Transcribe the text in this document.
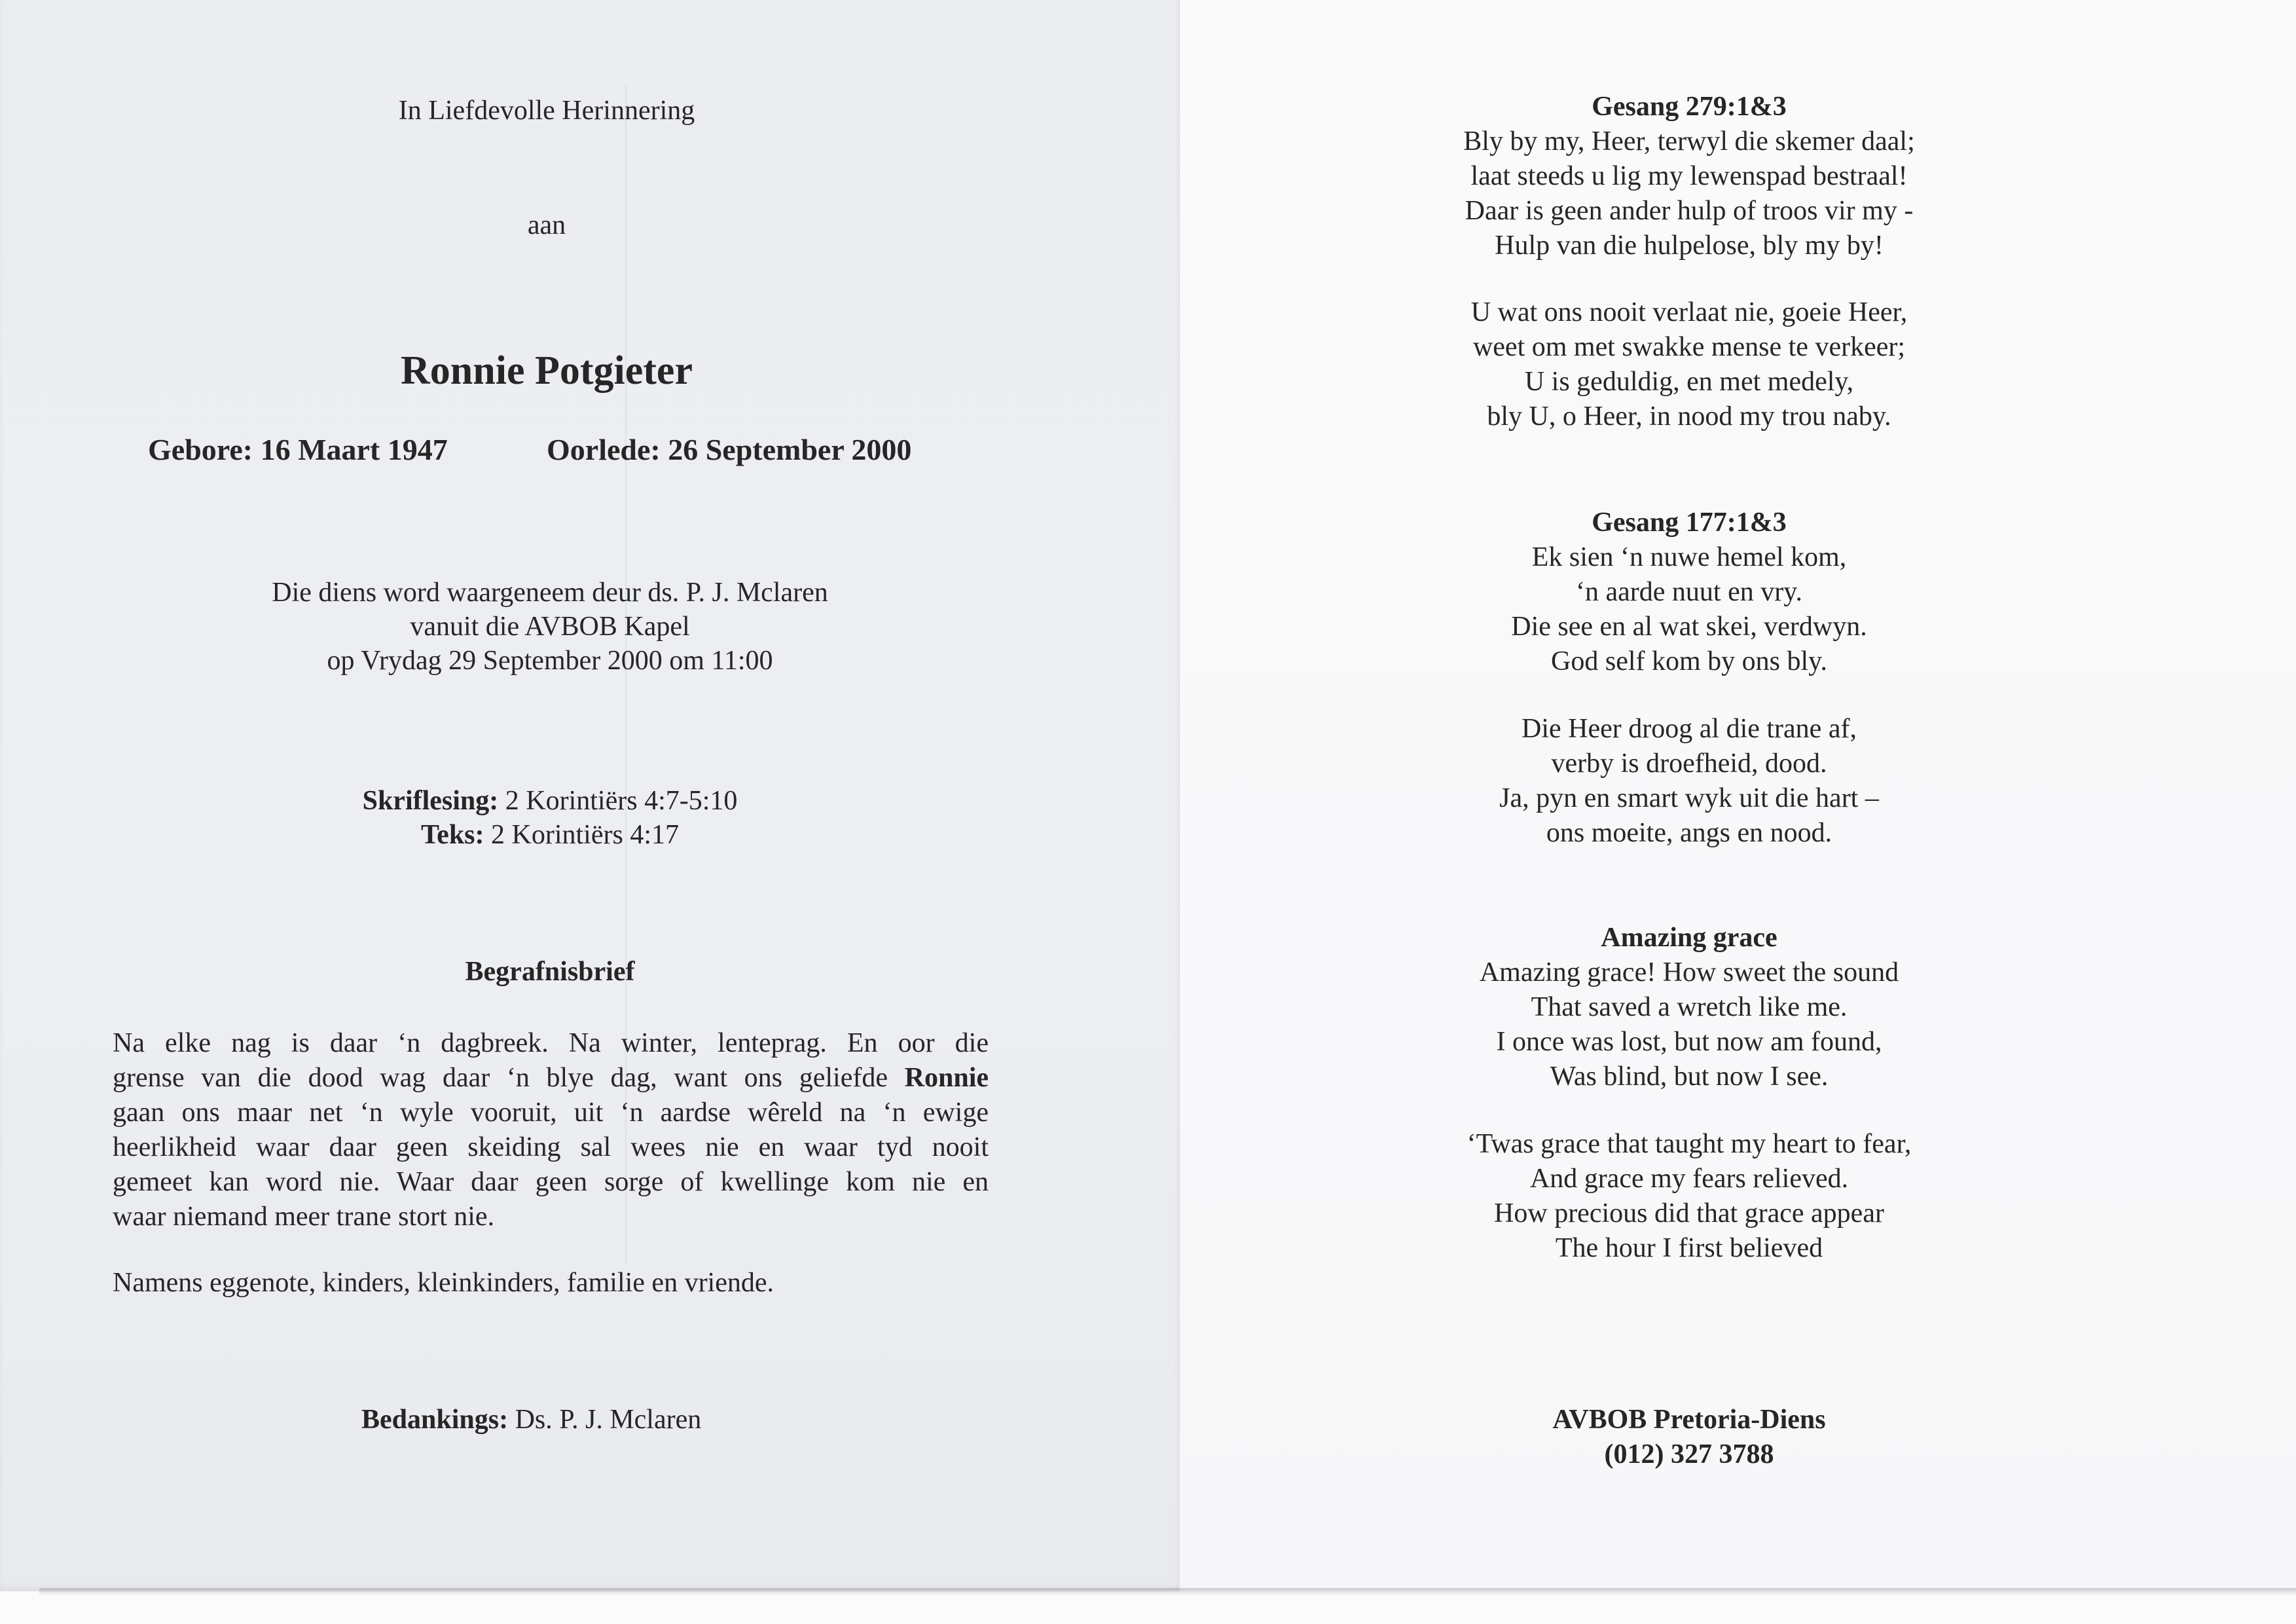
In Liefdevolle Herinnering
aan
Ronnie Potgieter
Gebore: 16 Maart 1947	Oorlede: 26 September 2000
Die diens word waargeneem deur ds. P. J. Mclaren
vanuit die AVBOB Kapel
op Vrydag 29 September 2000 om 11:00
Skriflesing: 2 Korintiërs 4:7-5:10
Teks: 2 Korintiërs 4:17
Begrafnisbrief
Na elke nag is daar ‘n dagbreek. Na winter, lenteprag. En oor die
grense van die dood wag daar ‘n blye dag, want ons geliefde Ronnie
gaan ons maar net ‘n wyle vooruit, uit ‘n aardse wêreld na ‘n ewige
heerlikheid waar daar geen skeiding sal wees nie en waar tyd nooit
gemeet kan word nie. Waar daar geen sorge of kwellinge kom nie en
waar niemand meer trane stort nie.
Namens eggenote, kinders, kleinkinders, familie en vriende.
Bedankings: Ds. P. J. Mclaren
Gesang 279:1&3
Bly by my, Heer, terwyl die skemer daal;
laat steeds u lig my lewenspad bestraal!
Daar is geen ander hulp of troos vir my -
Hulp van die hulpelose, bly my by!
U wat ons nooit verlaat nie, goeie Heer,
weet om met swakke mense te verkeer;
U is geduldig, en met medely,
bly U, o Heer, in nood my trou naby.
Gesang 177:1&3
Ek sien ‘n nuwe hemel kom,
‘n aarde nuut en vry.
Die see en al wat skei, verdwyn.
God self kom by ons bly.
Die Heer droog al die trane af,
verby is droefheid, dood.
Ja, pyn en smart wyk uit die hart –
ons moeite, angs en nood.
Amazing grace
Amazing grace! How sweet the sound
That saved a wretch like me.
I once was lost, but now am found,
Was blind, but now I see.
‘Twas grace that taught my heart to fear,
And grace my fears relieved.
How precious did that grace appear
The hour I first believed
AVBOB Pretoria-Diens
(012) 327 3788
